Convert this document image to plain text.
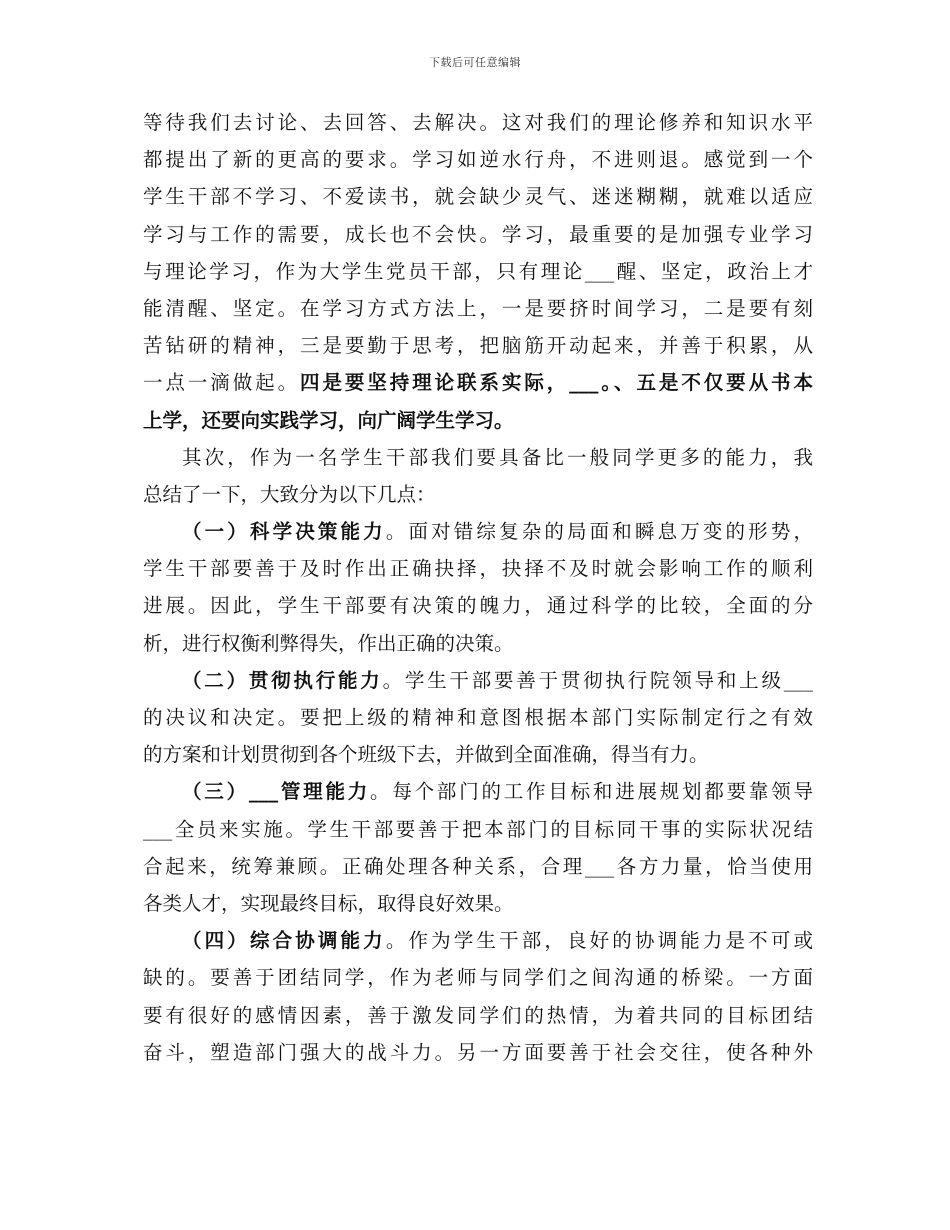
下载后可任意编辑
等待我们去讨论、去回答、去解决。这对我们的理论修养和知识水平
都提出了新的更高的要求。学习如逆水行舟，不进则退。感觉到一个
学生干部不学习、不爱读书，就会缺少灵气、迷迷糊糊，就难以适应
学习与工作的需要，成长也不会快。学习，最重要的是加强专业学习
与理论学习，作为大学生党员干部，只有理论___醒、坚定，政治上才
能清醒、坚定。在学习方式方法上，一是要挤时间学习，二是要有刻
苦钻研的精神，三是要勤于思考，把脑筋开动起来，并善于积累，从
一点一滴做起。四是要坚持理论联系实际，___。、五是不仅要从书本
上学，还要向实践学习，向广阔学生学习。
其次，作为一名学生干部我们要具备比一般同学更多的能力，我
总结了一下，大致分为以下几点：
（一）科学决策能力。面对错综复杂的局面和瞬息万变的形势，
学生干部要善于及时作出正确抉择，抉择不及时就会影响工作的顺利
进展。因此，学生干部要有决策的魄力，通过科学的比较，全面的分
析，进行权衡利弊得失，作出正确的决策。
（二）贯彻执行能力。学生干部要善于贯彻执行院领导和上级___
的决议和决定。要把上级的精神和意图根据本部门实际制定行之有效
的方案和计划贯彻到各个班级下去，并做到全面准确，得当有力。
（三）___管理能力。每个部门的工作目标和进展规划都要靠领导
___全员来实施。学生干部要善于把本部门的目标同干事的实际状况结
合起来，统筹兼顾。正确处理各种关系，合理___各方力量，恰当使用
各类人才，实现最终目标，取得良好效果。
（四）综合协调能力。作为学生干部，良好的协调能力是不可或
缺的。要善于团结同学，作为老师与同学们之间沟通的桥梁。一方面
要有很好的感情因素，善于激发同学们的热情，为着共同的目标团结
奋斗，塑造部门强大的战斗力。另一方面要善于社会交往，使各种外
